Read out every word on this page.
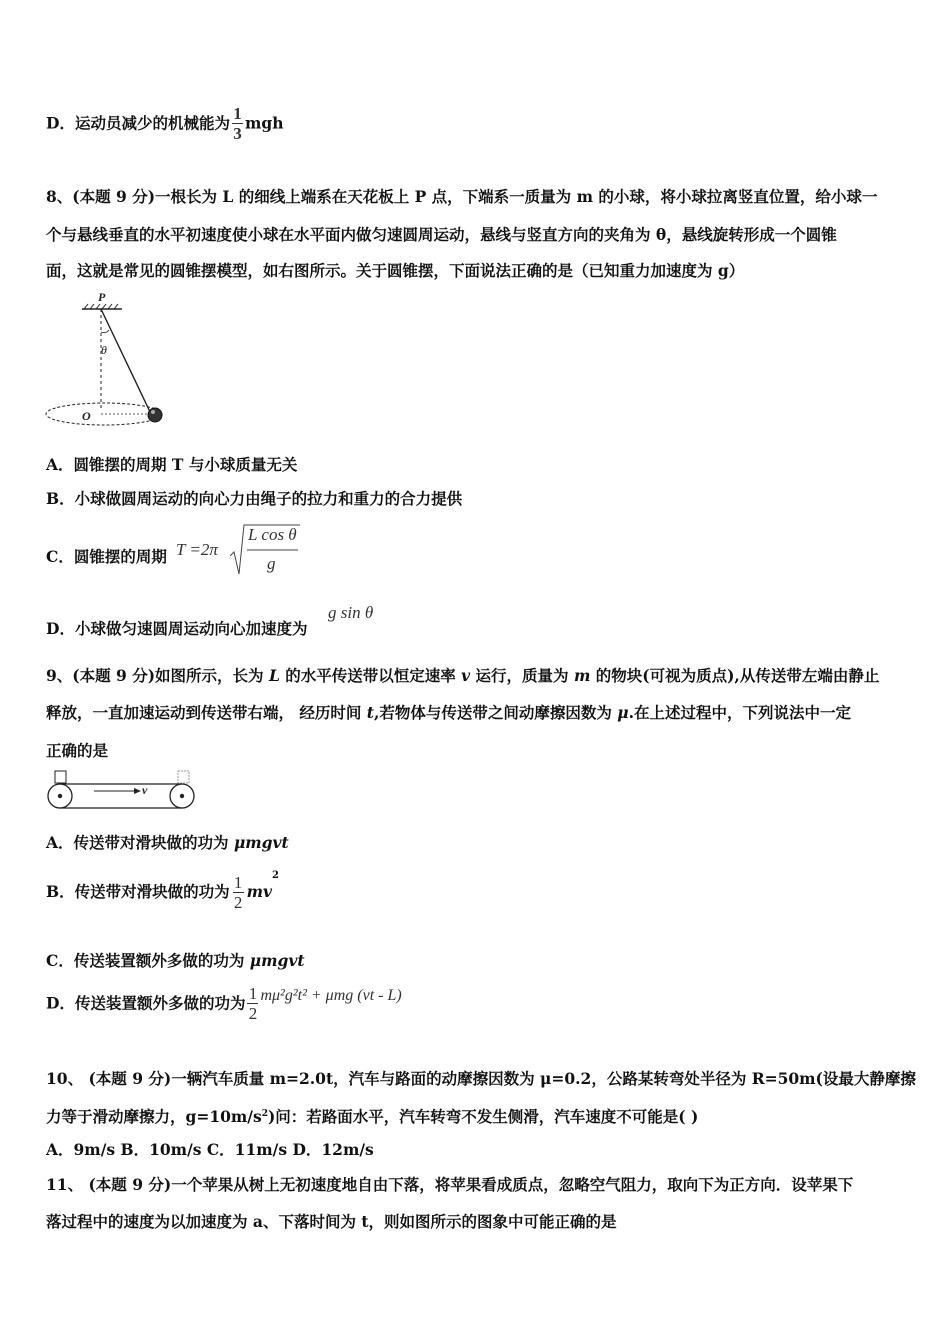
D．运动员减少的机械能为 $\frac{1}{3}$ mgh
8、(本题 9 分)一根长为 L 的细线上端系在天花板上 P 点，下端系一质量为 m 的小球，将小球拉离竖直位置，给小球一
个与悬线垂直的水平初速度使小球在水平面内做匀速圆周运动，悬线与竖直方向的夹角为 θ，悬线旋转形成一个圆锥
面，这就是常见的圆锥摆模型，如右图所示。关于圆锥摆，下面说法正确的是（已知重力加速度为 g）
P
θ
O
A．圆锥摆的周期 T 与小球质量无关
B．小球做圆周运动的向心力由绳子的拉力和重力的合力提供
C．圆锥摆的周期 T =2π
L cos θ
g
D．小球做匀速圆周运动向心加速度为
g sin θ
9、(本题 9 分)如图所示，长为 L 的水平传送带以恒定速率 v 运行，质量为 m 的物块(可视为质点),从传送带左端由静止
释放，一直加速运动到传送带右端， 经历时间 t,若物体与传送带之间动摩擦因数为 μ.在上述过程中，下列说法中一定
正确的是
v
A．传送带对滑块做的功为 μmgvt
B．传送带对滑块做的功为 $\frac{1}{2} mv^2$
C．传送装置额外多做的功为 μmgvt
D．传送装置额外多做的功为 $\frac{1}{2} m\mu^2g^2t^2 + \mu mg$ (vt - L)
10、 (本题 9 分)一辆汽车质量 m=2.0t，汽车与路面的动摩擦因数为 μ=0.2，公路某转弯处半径为 R=50m(设最大静摩擦
力等于滑动摩擦力，$g=10m/s^2$)问：若路面水平，汽车转弯不发生侧滑，汽车速度不可能是( )
A．9m/s B．10m/s C．11m/s D．12m/s
11、 (本题 9 分)一个苹果从树上无初速度地自由下落，将苹果看成质点，忽略空气阻力，取向下为正方向．设苹果下
落过程中的速度为以加速度为 a、下落时间为 t，则如图所示的图象中可能正确的是
